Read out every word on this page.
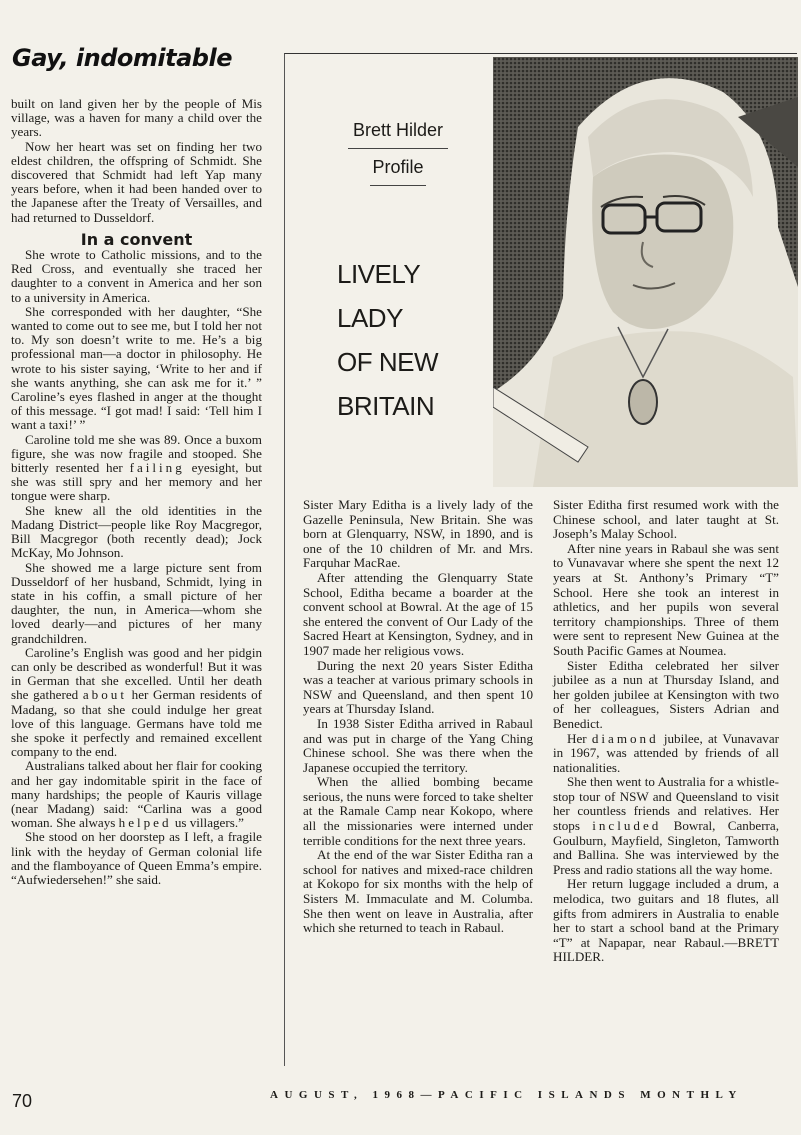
Gay, indomitable

built on land given her by the people of Mis village, was a haven for many a child over the years.

Now her heart was set on finding her two eldest children, the offspring of Schmidt. She discovered that Schmidt had left Yap many years before, when it had been handed over to the Japanese after the Treaty of Versailles, and had returned to Dusseldorf.

In a convent

She wrote to Catholic missions, and to the Red Cross, and eventually she traced her daughter to a convent in America and her son to a university in America.

She corresponded with her daughter, “She wanted to come out to see me, but I told her not to. My son doesn’t write to me. He’s a big professional man—a doctor in philosophy. He wrote to his sister saying, ‘Write to her and if she wants anything, she can ask me for it.’ ” Caroline’s eyes flashed in anger at the thought of this message. “I got mad! I said: ‘Tell him I want a taxi!’ ”

Caroline told me she was 89. Once a buxom figure, she was now fragile and stooped. She bitterly resented her failing eyesight, but she was still spry and her memory and her tongue were sharp.

She knew all the old identities in the Madang District—people like Roy Macgregor, Bill Macgregor (both recently dead); Jock McKay, Mo Johnson.

She showed me a large picture sent from Dusseldorf of her husband, Schmidt, lying in state in his coffin, a small picture of her daughter, the nun, in America—whom she loved dearly—and pictures of her many grandchildren.

Caroline’s English was good and her pidgin can only be described as wonderful! But it was in German that she excelled. Until her death she gathered about her German residents of Madang, so that she could indulge her great love of this language. Germans have told me she spoke it perfectly and remained excellent company to the end.

Australians talked about her flair for cooking and her gay indomitable spirit in the face of many hardships; the people of Kauris village (near Madang) said: “Carlina was a good woman. She always helped us villagers.”

She stood on her doorstep as I left, a fragile link with the heyday of German colonial life and the flamboyance of Queen Emma’s empire. “Aufwiedersehen!” she said.

Brett Hilder
Profile
LIVELY
LADY
OF NEW
BRITAIN

Sister Mary Editha is a lively lady of the Gazelle Peninsula, New Britain. She was born at Glenquarry, NSW, in 1890, and is one of the 10 children of Mr. and Mrs. Farquhar MacRae.

After attending the Glenquarry State School, Editha became a boarder at the convent school at Bowral. At the age of 15 she entered the convent of Our Lady of the Sacred Heart at Kensington, Sydney, and in 1907 made her religious vows.

During the next 20 years Sister Editha was a teacher at various primary schools in NSW and Queensland, and then spent 10 years at Thursday Island.

In 1938 Sister Editha arrived in Rabaul and was put in charge of the Yang Ching Chinese school. She was there when the Japanese occupied the territory.

When the allied bombing became serious, the nuns were forced to take shelter at the Ramale Camp near Kokopo, where all the missionaries were interned under terrible conditions for the next three years.

At the end of the war Sister Editha ran a school for natives and mixed-race children at Kokopo for six months with the help of Sisters M. Immaculate and M. Columba. She then went on leave in Australia, after which she returned to teach in Rabaul.

Sister Editha first resumed work with the Chinese school, and later taught at St. Joseph’s Malay School.

After nine years in Rabaul she was sent to Vunavavar where she spent the next 12 years at St. Anthony’s Primary “T” School. Here she took an interest in athletics, and her pupils won several territory championships. Three of them were sent to represent New Guinea at the South Pacific Games at Noumea.

Sister Editha celebrated her silver jubilee as a nun at Thursday Island, and her golden jubilee at Kensington with two of her colleagues, Sisters Adrian and Benedict.

Her diamond jubilee, at Vunavavar in 1967, was attended by friends of all nationalities.

She then went to Australia for a whistle-stop tour of NSW and Queensland to visit her countless friends and relatives. Her stops included Bowral, Canberra, Goulburn, Mayfield, Singleton, Tamworth and Ballina. She was interviewed by the Press and radio stations all the way home.

Her return luggage included a drum, a melodica, two guitars and 18 flutes, all gifts from admirers in Australia to enable her to start a school band at the Primary “T” at Napapar, near Rabaul.—BRETT HILDER.

70	AUGUST, 1968—PACIFIC ISLANDS MONTHLY
